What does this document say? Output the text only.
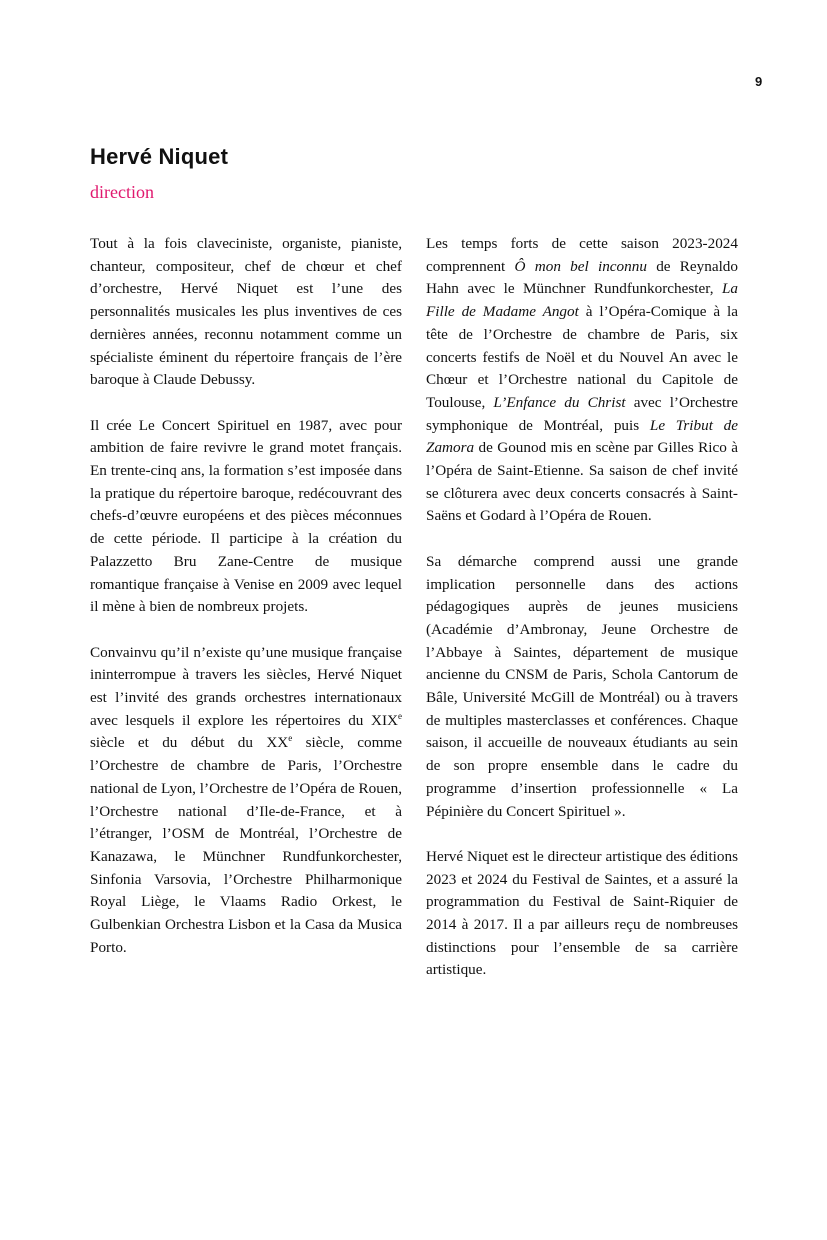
9
Hervé Niquet
direction

Tout à la fois claveciniste, organiste, pianiste, chanteur, compositeur, chef de chœur et chef d’orchestre, Hervé Niquet est l’une des personnalités musicales les plus inventives de ces dernières années, reconnu notamment comme un spécialiste éminent du répertoire français de l’ère baroque à Claude Debussy.

Il crée Le Concert Spirituel en 1987, avec pour ambition de faire revivre le grand motet français. En trente-cinq ans, la formation s’est imposée dans la pratique du répertoire baroque, redécouvrant des chefs-d’œuvre européens et des pièces méconnues de cette période. Il participe à la création du Palazzetto Bru Zane-Centre de musique romantique française à Venise en 2009 avec lequel il mène à bien de nombreux projets.

Convainvu qu’il n’existe qu’une musique française ininterrompue à travers les siècles, Hervé Niquet est l’invité des grands orchestres internationaux avec lesquels il explore les répertoires du XIXe siècle et du début du XXe siècle, comme l’Orchestre de chambre de Paris, l’Orchestre national de Lyon, l’Orchestre de l’Opéra de Rouen, l’Orchestre national d’Ile-de-France, et à l’étranger, l’OSM de Montréal, l’Orchestre de Kanazawa, le Münchner Rundfunkorchester, Sinfonia Varsovia, l’Orchestre Philharmonique Royal Liège, le Vlaams Radio Orkest, le Gulbenkian Orchestra Lisbon et la Casa da Musica Porto.

Les temps forts de cette saison 2023-2024 comprennent Ô mon bel inconnu de Reynaldo Hahn avec le Münchner Rundfunkorchester, La Fille de Madame Angot à l’Opéra-Comique à la tête de l’Orchestre de chambre de Paris, six concerts festifs de Noël et du Nouvel An avec le Chœur et l’Orchestre national du Capitole de Toulouse, L’Enfance du Christ avec l’Orchestre symphonique de Montréal, puis Le Tribut de Zamora de Gounod mis en scène par Gilles Rico à l’Opéra de Saint-Etienne. Sa saison de chef invité se clôturera avec deux concerts consacrés à Saint-Saëns et Godard à l’Opéra de Rouen.

Sa démarche comprend aussi une grande implication personnelle dans des actions pédagogiques auprès de jeunes musiciens (Académie d’Ambronay, Jeune Orchestre de l’Abbaye à Saintes, département de musique ancienne du CNSM de Paris, Schola Cantorum de Bâle, Université McGill de Montréal) ou à travers de multiples masterclasses et conférences. Chaque saison, il accueille de nouveaux étudiants au sein de son propre ensemble dans le cadre du programme d’insertion professionnelle « La Pépinière du Concert Spirituel ».

Hervé Niquet est le directeur artistique des éditions 2023 et 2024 du Festival de Saintes, et a assuré la programmation du Festival de Saint-Riquier de 2014 à 2017. Il a par ailleurs reçu de nombreuses distinctions pour l’ensemble de sa carrière artistique.
